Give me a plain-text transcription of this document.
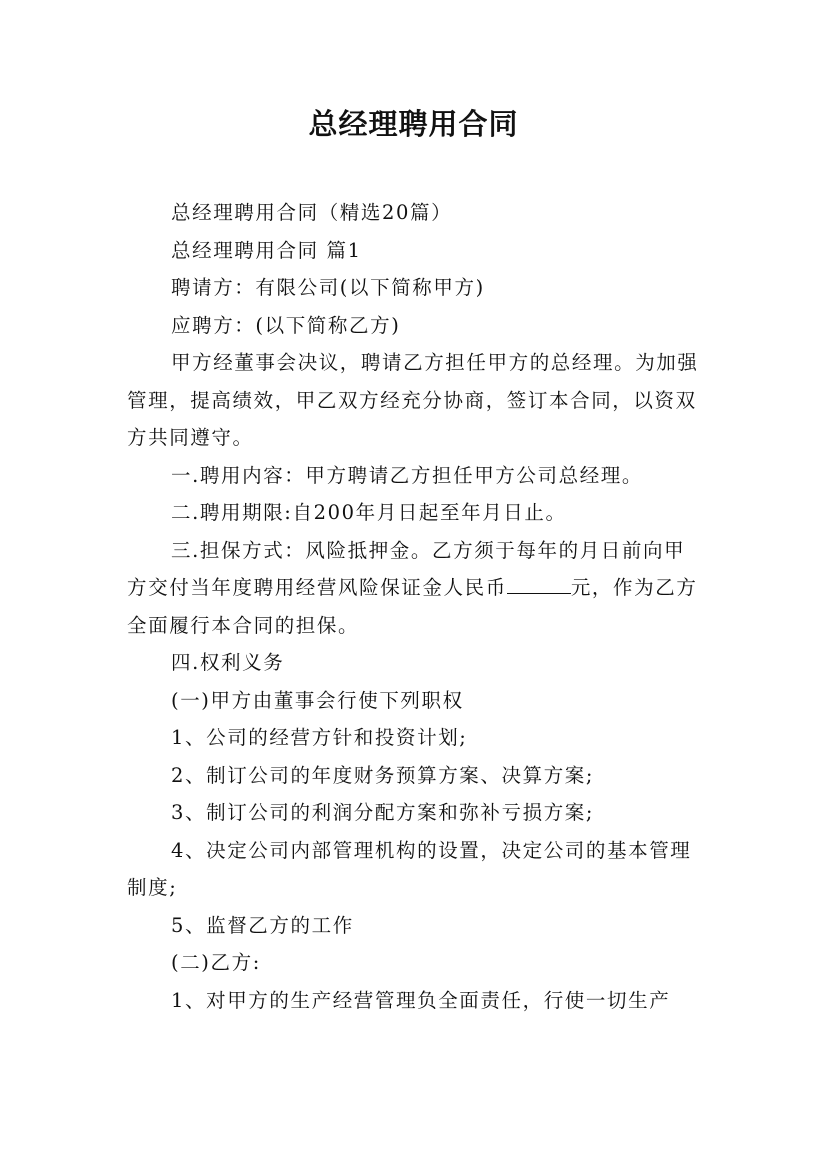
总经理聘用合同

总经理聘用合同（精选20篇）

总经理聘用合同 篇1

聘请方：有限公司(以下简称甲方)

应聘方：(以下简称乙方)

甲方经董事会决议，聘请乙方担任甲方的总经理。为加强管理，提高绩效，甲乙双方经充分协商，签订本合同，以资双方共同遵守。

一.聘用内容：甲方聘请乙方担任甲方公司总经理。

二.聘用期限:自200年月日起至年月日止。

三.担保方式：风险抵押金。乙方须于每年的月日前向甲方交付当年度聘用经营风险保证金人民币	元，作为乙方全面履行本合同的担保。

四.权利义务

(一)甲方由董事会行使下列职权

1、公司的经营方针和投资计划;

2、制订公司的年度财务预算方案、决算方案;

3、制订公司的利润分配方案和弥补亏损方案;

4、决定公司内部管理机构的设置，决定公司的基本管理制度;

5、监督乙方的工作

(二)乙方:

1、对甲方的生产经营管理负全面责任，行使一切生产
